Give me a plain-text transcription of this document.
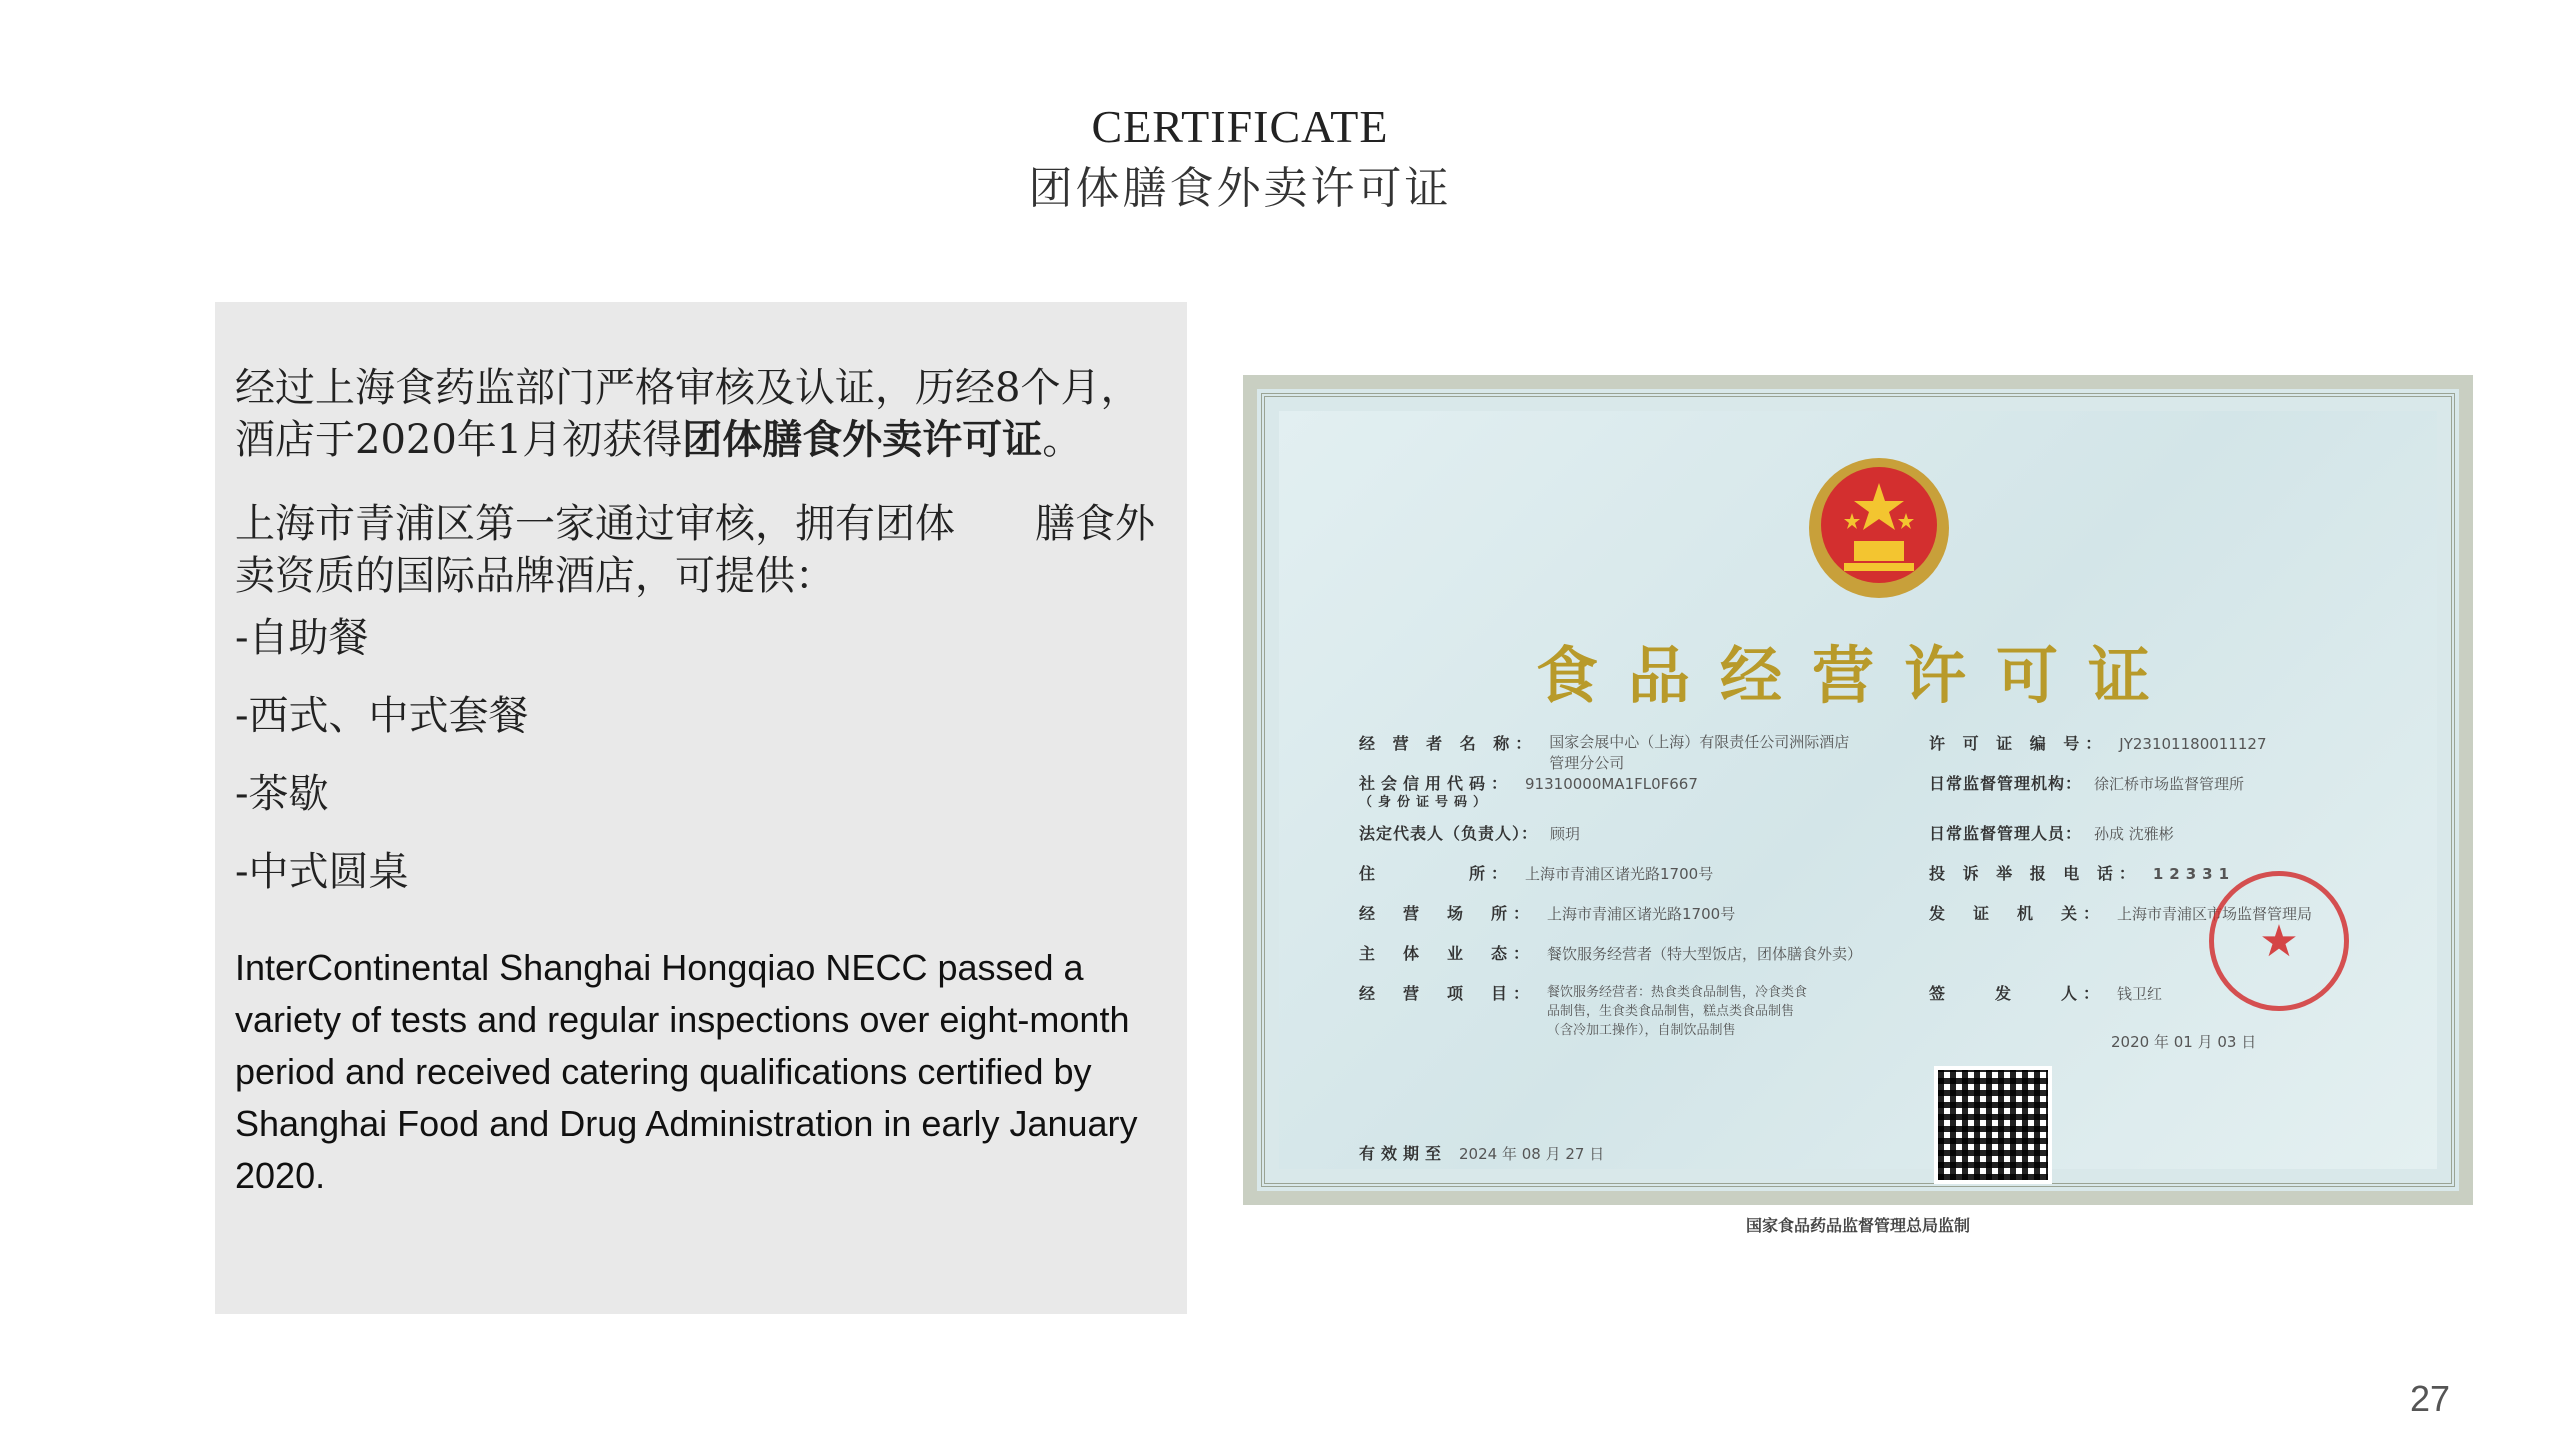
CERTIFICATE
团体膳食外卖许可证

经过上海食药监部门严格审核及认证，历经8个月，酒店于2020年1月初获得团体膳食外卖许可证。

上海市青浦区第一家通过审核，拥有团体　　膳食外卖资质的国际品牌酒店，可提供：

-自助餐
-西式、中式套餐
-茶歇
-中式圆桌

InterContinental Shanghai Hongqiao NECC passed a variety of tests and regular inspections over eight-month period and received catering qualifications certified by Shanghai Food and Drug Administration in early January 2020.

食品经营许可证
经 营 者 名 称： 国家会展中心（上海）有限责任公司洲际酒店管理分公司
社会信用代码： 91310000MA1FL0F667
（身份证号码）
法定代表人（负责人）： 顾玥
住　　　　所： 上海市青浦区诸光路1700号
经　营　场　所： 上海市青浦区诸光路1700号
主　体　业　态： 餐饮服务经营者（特大型饭店，团体膳食外卖）
经　营　项　目： 餐饮服务经营者：热食类食品制售，冷食类食品制售，生食类食品制售，糕点类食品制售（含冷加工操作），自制饮品制售
有效期至 2024 年 08 月 27 日
许 可 证 编 号： JY23101180011127
日常监督管理机构： 徐汇桥市场监督管理所
日常监督管理人员： 孙成 沈雅彬
投 诉 举 报 电 话： 12331
发　证　机　关： 上海市青浦区市场监督管理局
签　　发　　人： 钱卫红
2020 年 01 月 03 日
★
国家食品药品监督管理总局监制
27
